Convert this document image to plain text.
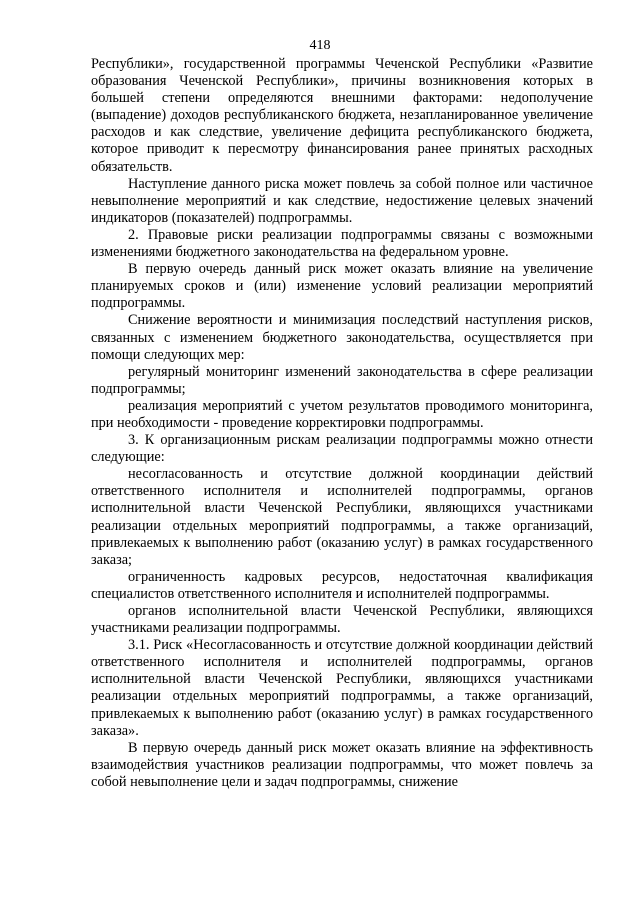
418

Республики», государственной программы Чеченской Республики «Развитие образования Чеченской Республики», причины возникновения которых в большей степени определяются внешними факторами: недополучение (выпадение) доходов республиканского бюджета, незапланированное увеличение расходов и как следствие, увеличение дефицита республиканского бюджета, которое приводит к пересмотру финансирования ранее принятых расходных обязательств.

Наступление данного риска может повлечь за собой полное или частичное невыполнение мероприятий и как следствие, недостижение целевых значений индикаторов (показателей) подпрограммы.

2. Правовые риски реализации подпрограммы связаны с возможными изменениями бюджетного законодательства на федеральном уровне.

В первую очередь данный риск может оказать влияние на увеличение планируемых сроков и (или) изменение условий реализации мероприятий подпрограммы.

Снижение вероятности и минимизация последствий наступления рисков, связанных с изменением бюджетного законодательства, осуществляется при помощи следующих мер:

регулярный мониторинг изменений законодательства в сфере реализации подпрограммы;

реализация мероприятий с учетом результатов проводимого мониторинга, при необходимости - проведение корректировки подпрограммы.

3. К организационным рискам реализации подпрограммы можно отнести следующие:

несогласованность и отсутствие должной координации действий ответственного исполнителя и исполнителей подпрограммы, органов исполнительной власти Чеченской Республики, являющихся участниками реализации отдельных мероприятий подпрограммы, а также организаций, привлекаемых к выполнению работ (оказанию услуг) в рамках государственного заказа;

ограниченность кадровых ресурсов, недостаточная квалификация специалистов ответственного исполнителя и исполнителей подпрограммы.

органов исполнительной власти Чеченской Республики, являющихся участниками реализации подпрограммы.

3.1. Риск «Несогласованность и отсутствие должной координации действий ответственного исполнителя и исполнителей подпрограммы, органов исполнительной власти Чеченской Республики, являющихся участниками реализации отдельных мероприятий подпрограммы, а также организаций, привлекаемых к выполнению работ (оказанию услуг) в рамках государственного заказа».

В первую очередь данный риск может оказать влияние на эффективность взаимодействия участников реализации подпрограммы, что может повлечь за собой невыполнение цели и задач подпрограммы, снижение
